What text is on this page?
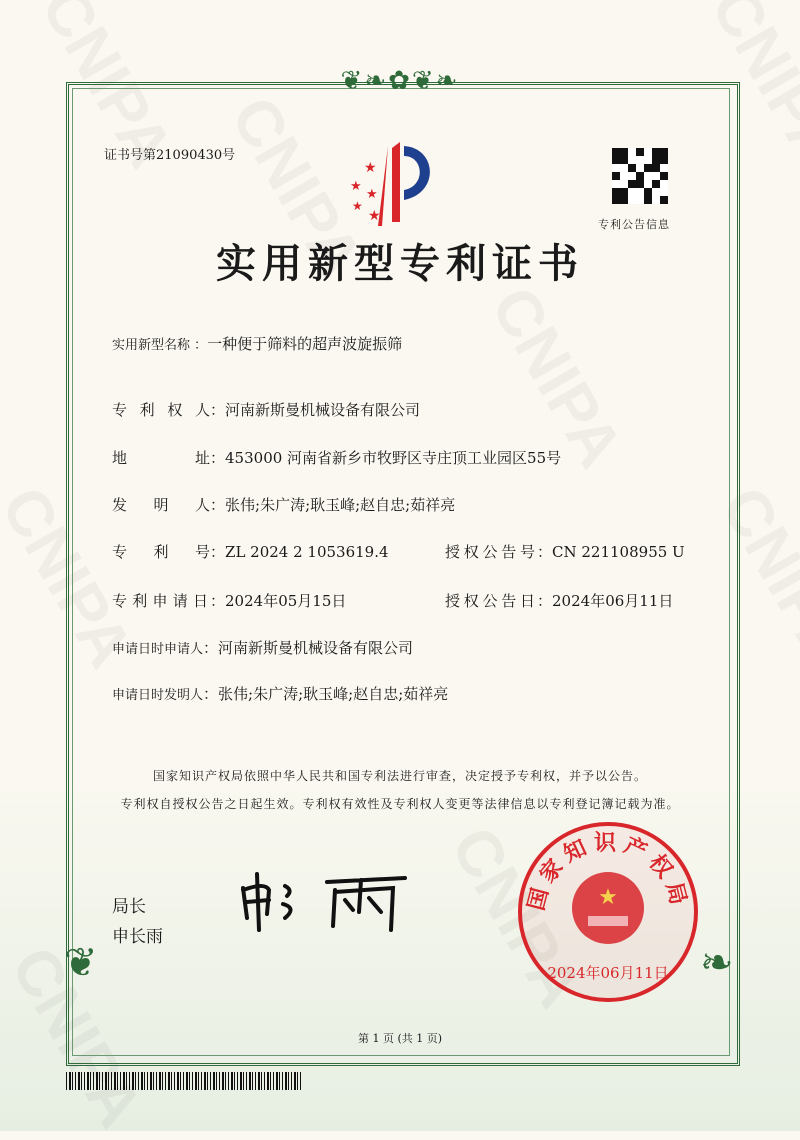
❦❧✿❦❧
❦	❧
证书号第21090430号
★
★
★
★
★
专利公告信息
实用新型专利证书
实用新型名称 ： 一种便于筛料的超声波旋振筛
专利权人 ： 河南新斯曼机械设备有限公司
地址 ： 453000 河南省新乡市牧野区寺庄顶工业园区55号
发明人 ： 张伟;朱广涛;耿玉峰;赵自忠;茹祥亮
专利号 ： ZL 2024 2 1053619.4	授权公告号 ： CN 221108955 U
专利申请日 ： 2024年05月15日	授权公告日 ： 2024年06月11日
申请日时申请人 ： 河南新斯曼机械设备有限公司
申请日时发明人 ： 张伟;朱广涛;耿玉峰;赵自忠;茹祥亮
国家知识产权局依照中华人民共和国专利法进行审查，决定授予专利权，并予以公告。
专利权自授权公告之日起生效。专利权有效性及专利权人变更等法律信息以专利登记簿记载为准。
局长
申长雨
★
国家知识产权局
2024年06月11日
第 1 页 (共 1 页)
